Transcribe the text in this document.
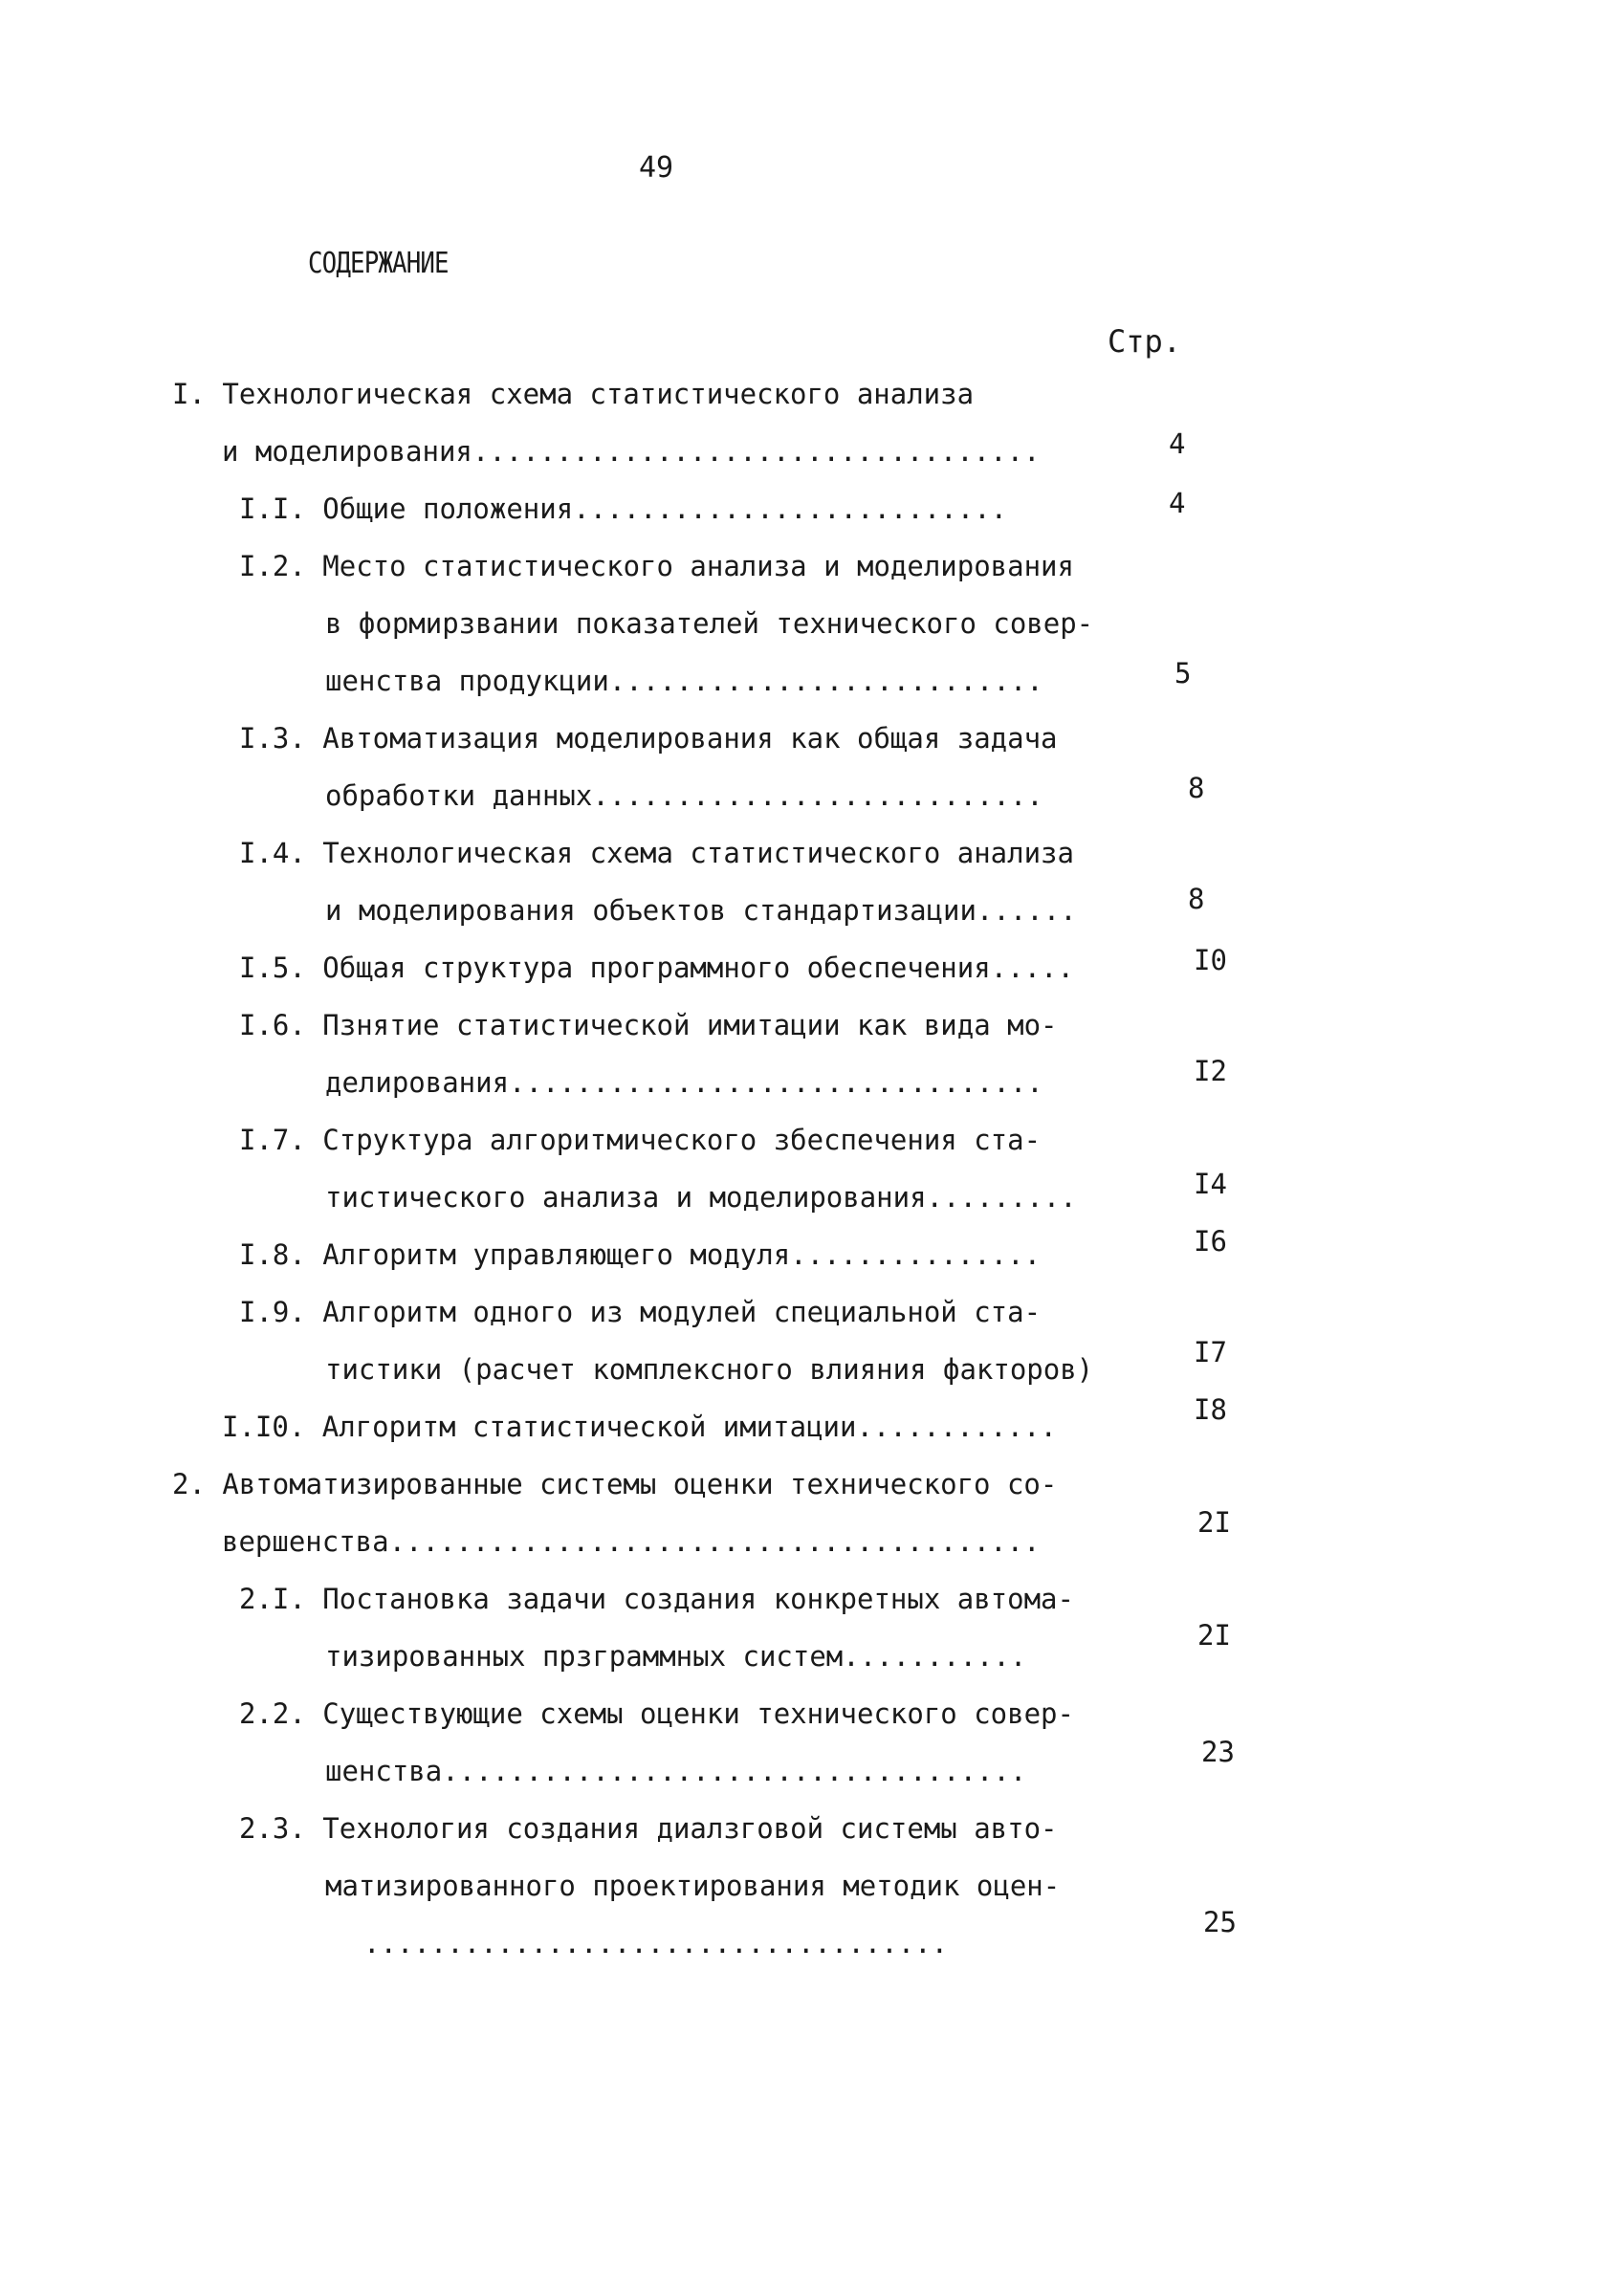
49
СОДЕРЖАНИЕ
Стр.
I. Технологическая схема статистического анализа
и моделирования..................................
I.I. Общие положения..........................
I.2. Место статистического анализа и моделирования
в формирзвании показателей технического совер-
шенства продукции..........................
I.3. Автоматизация моделирования как общая задача
обработки данных...........................
I.4. Технологическая схема статистического анализа
и моделирования объектов стандартизации......
I.5. Общая структура программного обеспечения.....
I.6. Пзнятие статистической имитации как вида мо-
делирования................................
I.7. Структура алгоритмического збеспечения ста-
тистического анализа и моделирования.........
I.8. Алгоритм управляющего модуля...............
I.9. Алгоритм одного из модулей специальной ста-
тистики (расчет комплексного влияния факторов)
I.I0. Алгоритм статистической имитации............
2. Автоматизированные системы оценки технического со-
вершенства.......................................
2.I. Постановка задачи создания конкретных автома-
тизированных прзграммных систем...........
2.2. Существующие схемы оценки технического совер-
шенства...................................
2.3. Технология создания диалзговой системы авто-
матизированного проектирования методик оцен-
...................................
4
4
5
8
8
I0
I2
I4
I6
I7
I8
2I
2I
23
25
